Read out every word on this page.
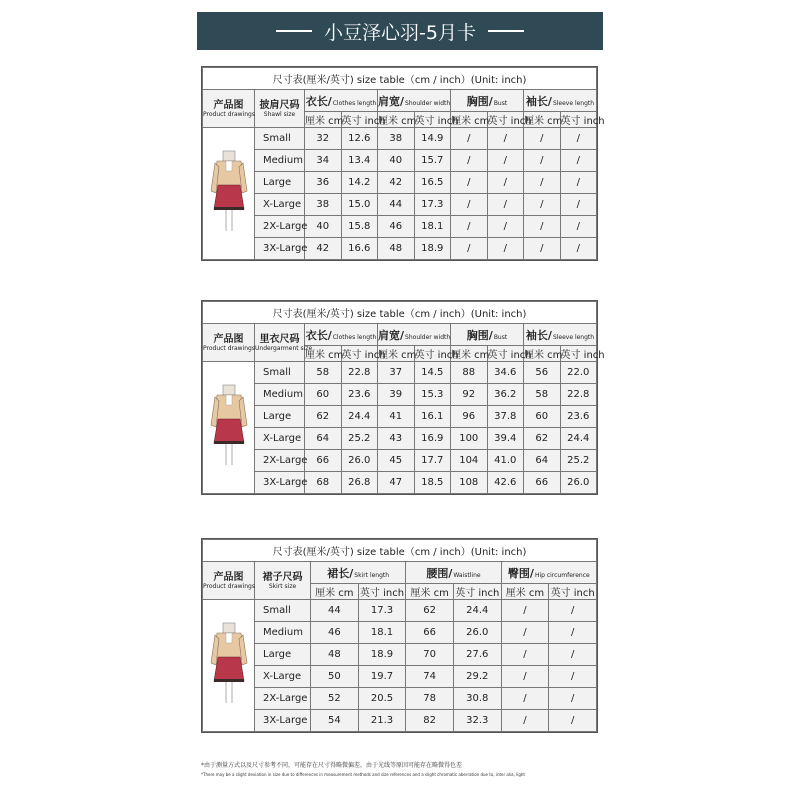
小豆泽心羽-5月卡
尺寸表(厘米/英寸) size table（cm / inch）(Unit: inch)									
产品图
Product drawings	披肩尺码
Shawl size	衣长/Clothes length		肩宽/Shoulder width		胸围/Bust		袖长/Sleeve length	
		厘米 cm	英寸 inch	厘米 cm	英寸 inch	厘米 cm	英寸 inch	厘米 cm	英寸 inch
	Small	32	12.6	38	14.9	/	/	/	/
	Medium	34	13.4	40	15.7	/	/	/	/
	Large	36	14.2	42	16.5	/	/	/	/
	X-Large	38	15.0	44	17.3	/	/	/	/
	2X-Large	40	15.8	46	18.1	/	/	/	/
	3X-Large	42	16.6	48	18.9	/	/	/	/
尺寸表(厘米/英寸) size table（cm / inch）(Unit: inch)									
产品图
Product drawings	里衣尺码
Undergarment size	衣长/Clothes length		肩宽/Shoulder width		胸围/Bust		袖长/Sleeve length	
		厘米 cm	英寸 inch	厘米 cm	英寸 inch	厘米 cm	英寸 inch	厘米 cm	英寸 inch
	Small	58	22.8	37	14.5	88	34.6	56	22.0
	Medium	60	23.6	39	15.3	92	36.2	58	22.8
	Large	62	24.4	41	16.1	96	37.8	60	23.6
	X-Large	64	25.2	43	16.9	100	39.4	62	24.4
	2X-Large	66	26.0	45	17.7	104	41.0	64	25.2
	3X-Large	68	26.8	47	18.5	108	42.6	66	26.0
尺寸表(厘米/英寸) size table（cm / inch）(Unit: inch)							
产品图
Product drawings	裙子尺码
Skirt size	裙长/Skirt length		腰围/Waistline		臀围/Hip circumference	
		厘米 cm	英寸 inch	厘米 cm	英寸 inch	厘米 cm	英寸 inch
	Small	44	17.3	62	24.4	/	/
	Medium	46	18.1	66	26.0	/	/
	Large	48	18.9	70	27.6	/	/
	X-Large	50	19.7	74	29.2	/	/
	2X-Large	52	20.5	78	30.8	/	/
	3X-Large	54	21.3	82	32.3	/	/
*由于测量方式以及尺寸参考不同，可能存在尺寸得略微偏差，由于光线等原因可能存在略微得色差
*There may be a slight deviation in size due to differences in measurement methods and size references and a slight chromatic aberration due to, inter alia, light
